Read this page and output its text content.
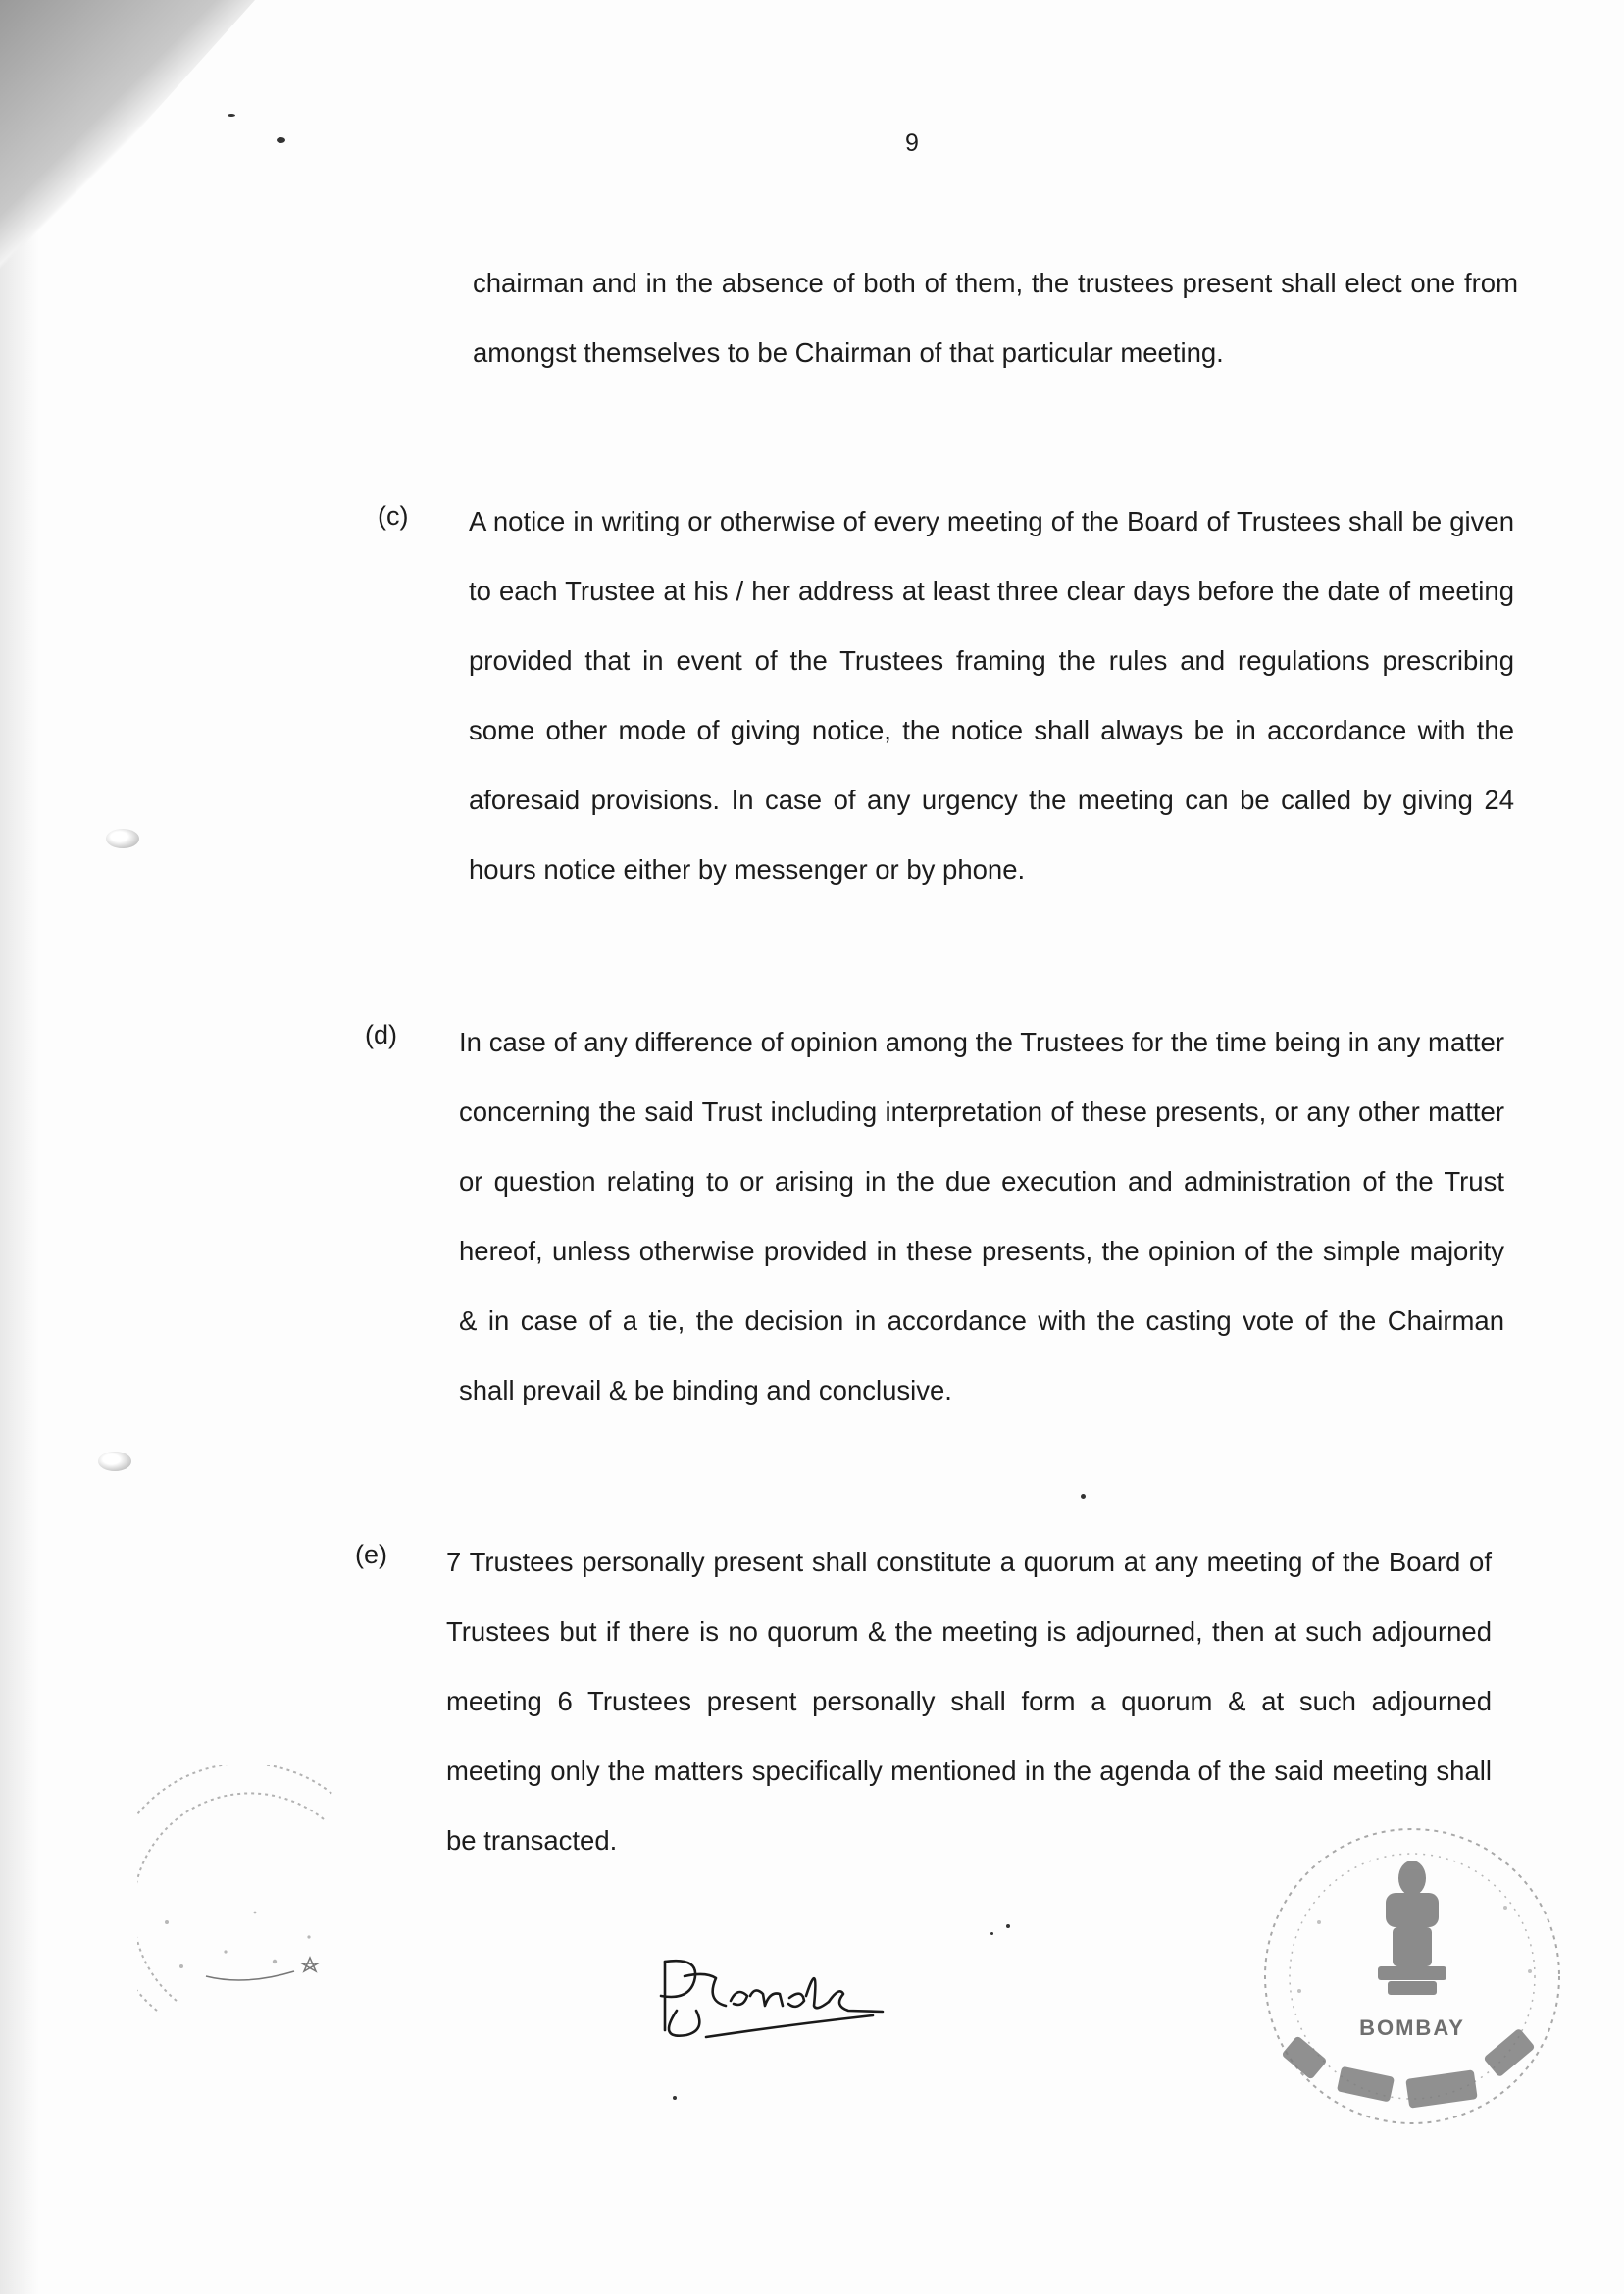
9
chairman and in the absence of both of them, the trustees present shall elect one from amongst themselves to be Chairman of that particular meeting.
(c) A notice in writing or otherwise of every meeting of the Board of Trustees shall be given to each Trustee at his / her address at least three clear days before the date of meeting provided that in event of the Trustees framing the rules and regulations prescribing some other mode of giving notice, the notice shall always be in accordance with the aforesaid provisions. In case of any urgency the meeting can be called by giving 24 hours notice either by messenger or by phone.
(d) In case of any difference of opinion among the Trustees for the time being in any matter concerning the said Trust including interpretation of these presents, or any other matter or question relating to or arising in the due execution and administration of the Trust hereof, unless otherwise provided in these presents, the opinion of the simple majority & in case of a tie, the decision in accordance with the casting vote of the Chairman shall prevail & be binding and conclusive.
(e) 7 Trustees personally present shall constitute a quorum at any meeting of the Board of Trustees but if there is no quorum & the meeting is adjourned, then at such adjourned meeting 6 Trustees present personally shall form a quorum & at such adjourned meeting only the matters specifically mentioned in the agenda of the said meeting shall be transacted.
BOMBAY
